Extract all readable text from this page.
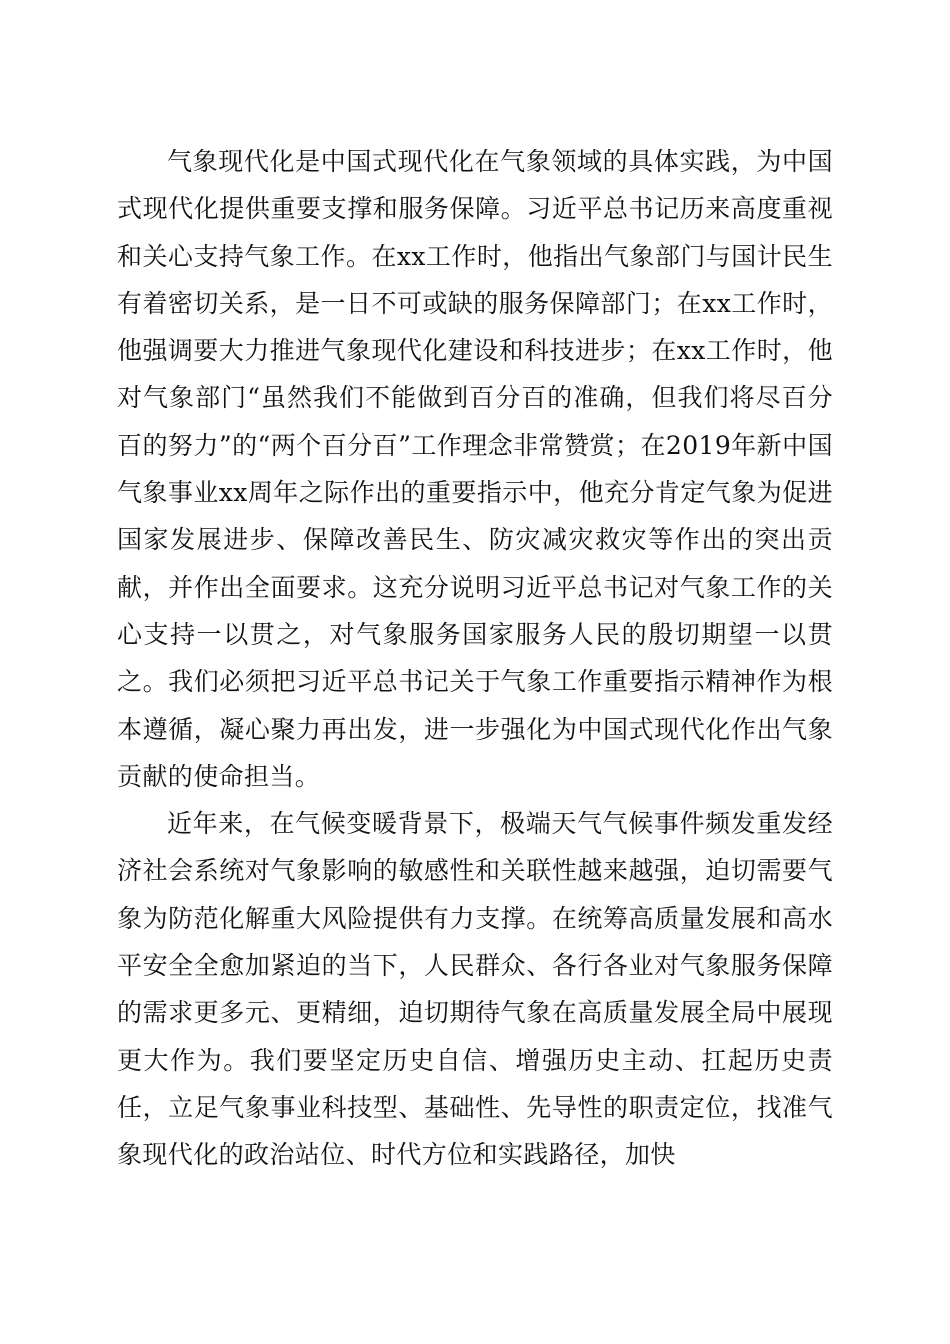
气象现代化是中国式现代化在气象领域的具体实践，为中国式现代化提供重要支撑和服务保障。习近平总书记历来高度重视和关心支持气象工作。在xx工作时，他指出气象部门与国计民生有着密切关系，是一日不可或缺的服务保障部门；在xx工作时，他强调要大力推进气象现代化建设和科技进步；在xx工作时，他对气象部门“虽然我们不能做到百分百的准确，但我们将尽百分百的努力”的“两个百分百”工作理念非常赞赏；在2019年新中国气象事业xx周年之际作出的重要指示中，他充分肯定气象为促进国家发展进步、保障改善民生、防灾减灾救灾等作出的突出贡献，并作出全面要求。这充分说明习近平总书记对气象工作的关心支持一以贯之，对气象服务国家服务人民的殷切期望一以贯之。我们必须把习近平总书记关于气象工作重要指示精神作为根本遵循，凝心聚力再出发，进一步强化为中国式现代化作出气象贡献的使命担当。

近年来，在气候变暖背景下，极端天气气候事件频发重发经济社会系统对气象影响的敏感性和关联性越来越强，迫切需要气象为防范化解重大风险提供有力支撑。在统筹高质量发展和高水平安全全愈加紧迫的当下，人民群众、各行各业对气象服务保障的需求更多元、更精细，迫切期待气象在高质量发展全局中展现更大作为。我们要坚定历史自信、增强历史主动、扛起历史责任，立足气象事业科技型、基础性、先导性的职责定位，找准气象现代化的政治站位、时代方位和实践路径，加快
